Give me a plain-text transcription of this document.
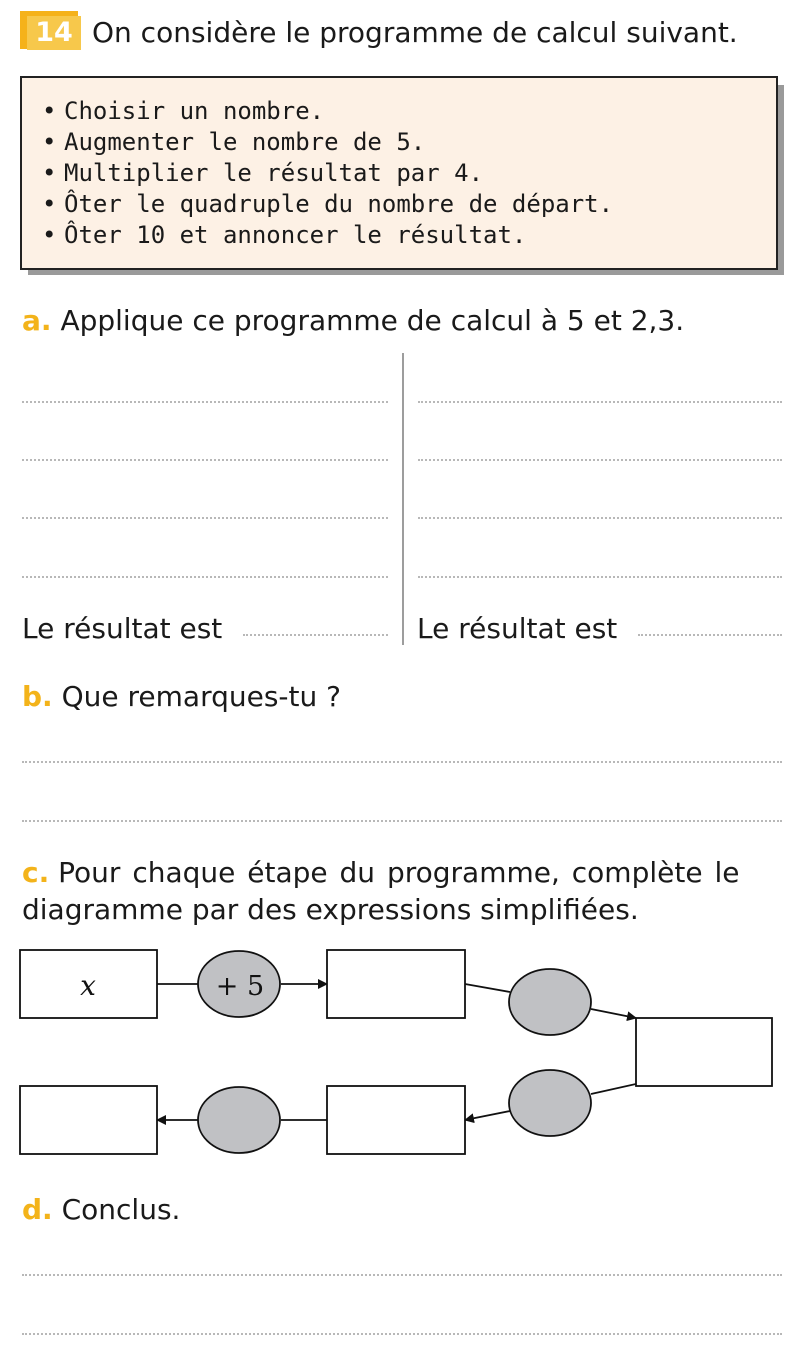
14 On considère le programme de calcul suivant.
• Choisir un nombre.
• Augmenter le nombre de 5.
• Multiplier le résultat par 4.
• Ôter le quadruple du nombre de départ.
• Ôter 10 et annoncer le résultat.
a. Applique ce programme de calcul à 5 et 2,3.
Le résultat est	Le résultat est
b. Que remarques-tu ?
c. Pour chaque étape du programme, complète le
diagramme par des expressions simplifiées.
x	+ 5
d. Conclus.
